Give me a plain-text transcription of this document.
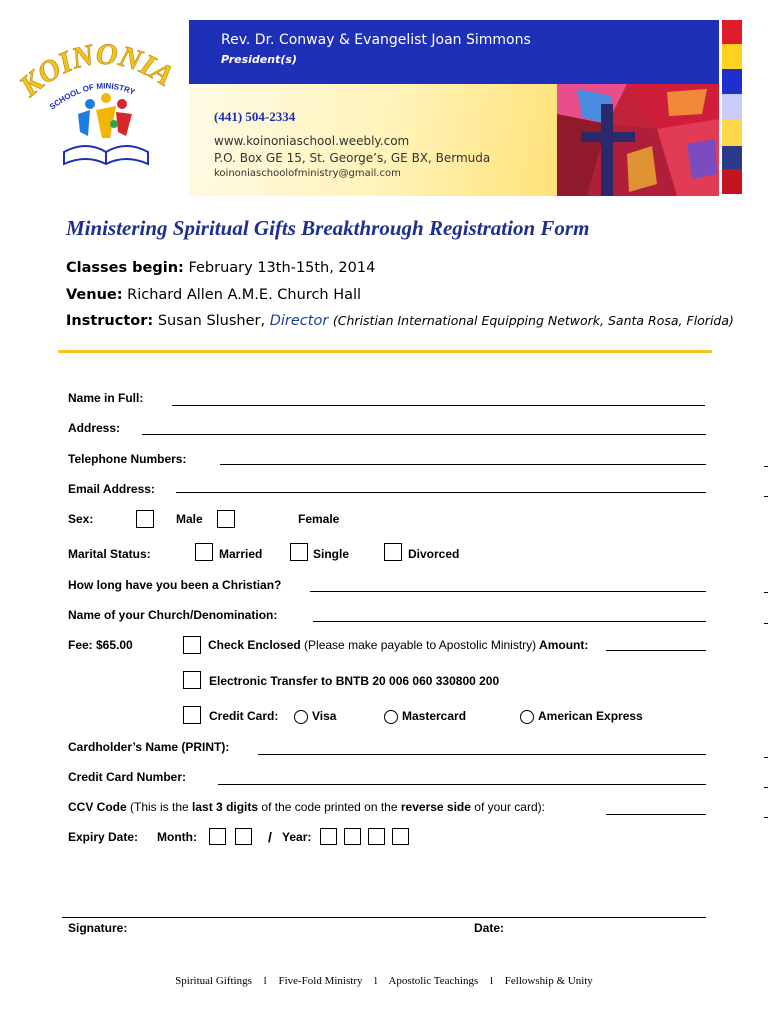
OINONIA
SCHOOL OF MINISTRY
Rev. Dr. Conway & Evangelist Joan Simmons
President(s)
(441) 504-2334
www.koinoniaschool.weebly.com
P.O. Box GE 15, St. George’s, GE BX, Bermuda
koinoniaschoolofministry@gmail.com
Ministering Spiritual Gifts Breakthrough Registration Form
Classes begin: February 13th-15th, 2014
Venue: Richard Allen A.M.E. Church Hall
Instructor: Susan Slusher, Director (Christian International Equipping Network, Santa Rosa, Florida)
Name in Full:
Address:
Telephone Numbers:
Email Address:
Sex:	Male	Female
Marital Status:	Married	Single	Divorced
How long have you been a Christian?
Name of your Church/Denomination:
Fee: $65.00	Check Enclosed (Please make payable to Apostolic Ministry) Amount:
Electronic Transfer to BNTB 20 006 060 330800 200
Credit Card:	Visa	Mastercard	American Express
Cardholder’s Name (PRINT):
Credit Card Number:
CCV Code (This is the last 3 digits of the code printed on the reverse side of your card):
Expiry Date: Month:	/ Year:
Signature:	Date:
Spiritual Giftings l Five-Fold Ministry l Apostolic Teachings l Fellowship & Unity
